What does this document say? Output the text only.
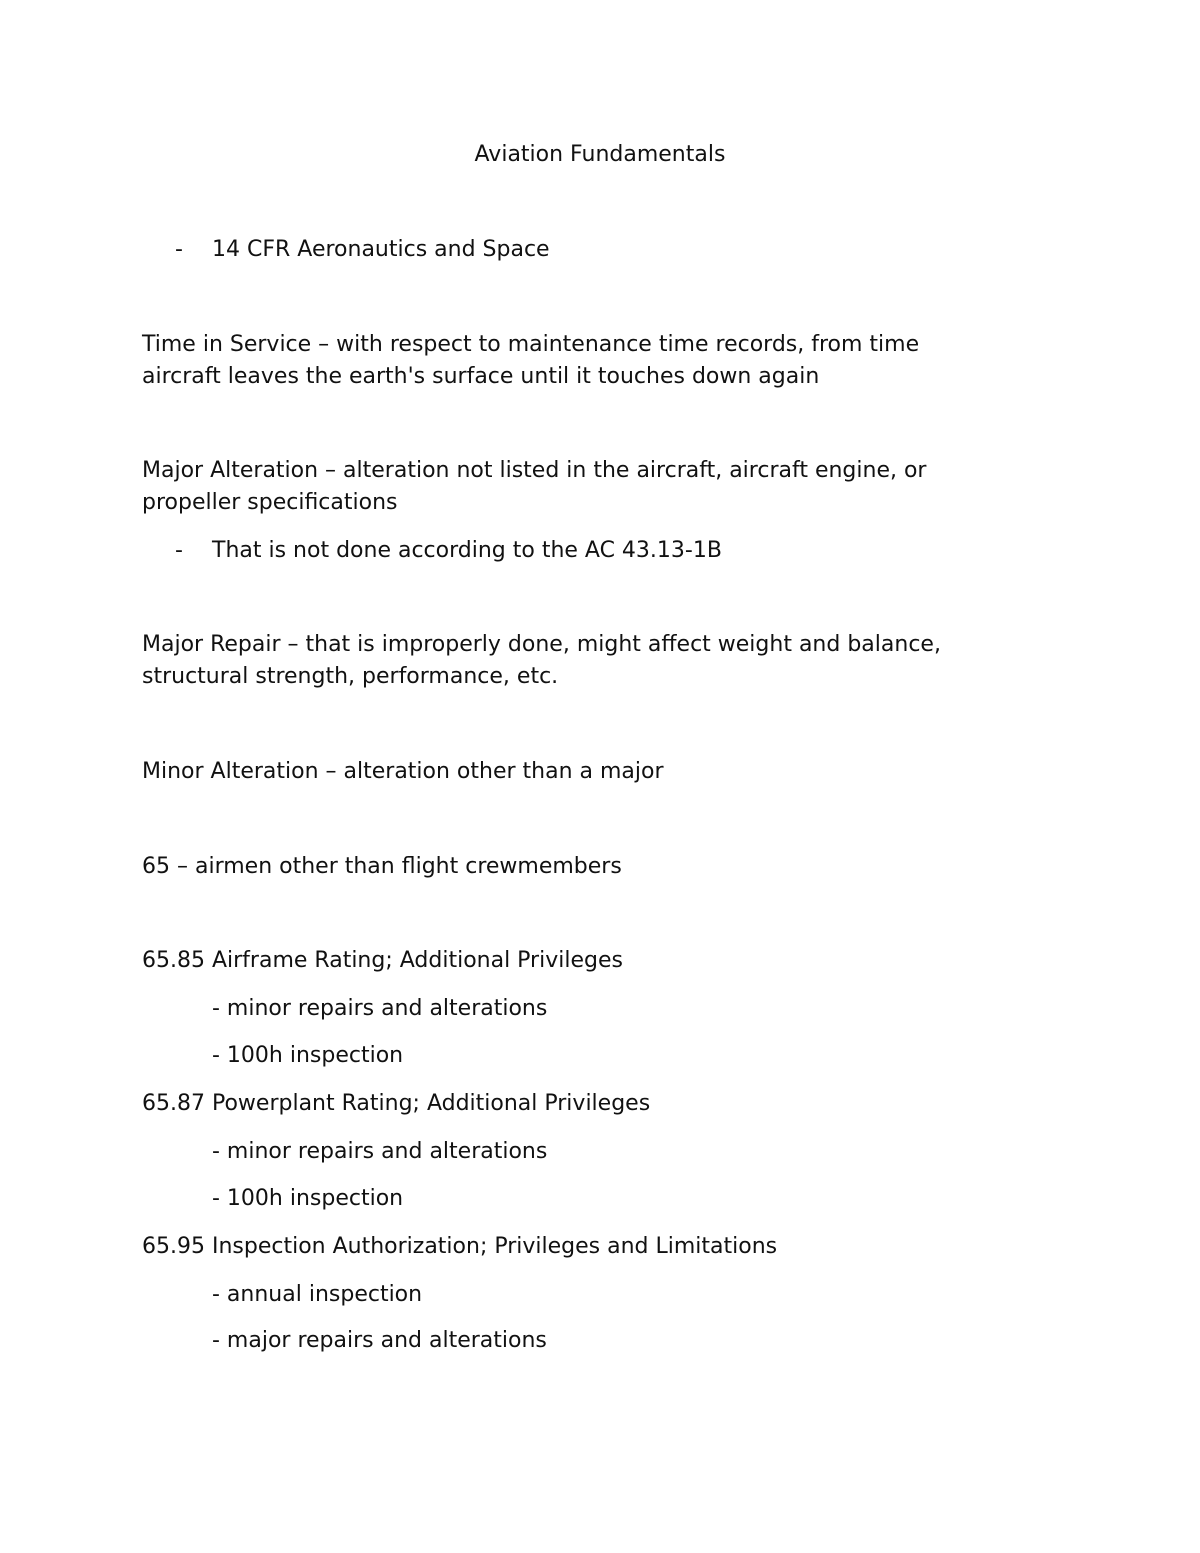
Aviation Fundamentals
- 14 CFR Aeronautics and Space
Time in Service – with respect to maintenance time records, from time
aircraft leaves the earth's surface until it touches down again
Major Alteration – alteration not listed in the aircraft, aircraft engine, or
propeller specifications
- That is not done according to the AC 43.13-1B
Major Repair – that is improperly done, might affect weight and balance,
structural strength, performance, etc.
Minor Alteration – alteration other than a major
65 – airmen other than flight crewmembers
65.85 Airframe Rating; Additional Privileges
- minor repairs and alterations
- 100h inspection
65.87 Powerplant Rating; Additional Privileges
- minor repairs and alterations
- 100h inspection
65.95 Inspection Authorization; Privileges and Limitations
- annual inspection
- major repairs and alterations
